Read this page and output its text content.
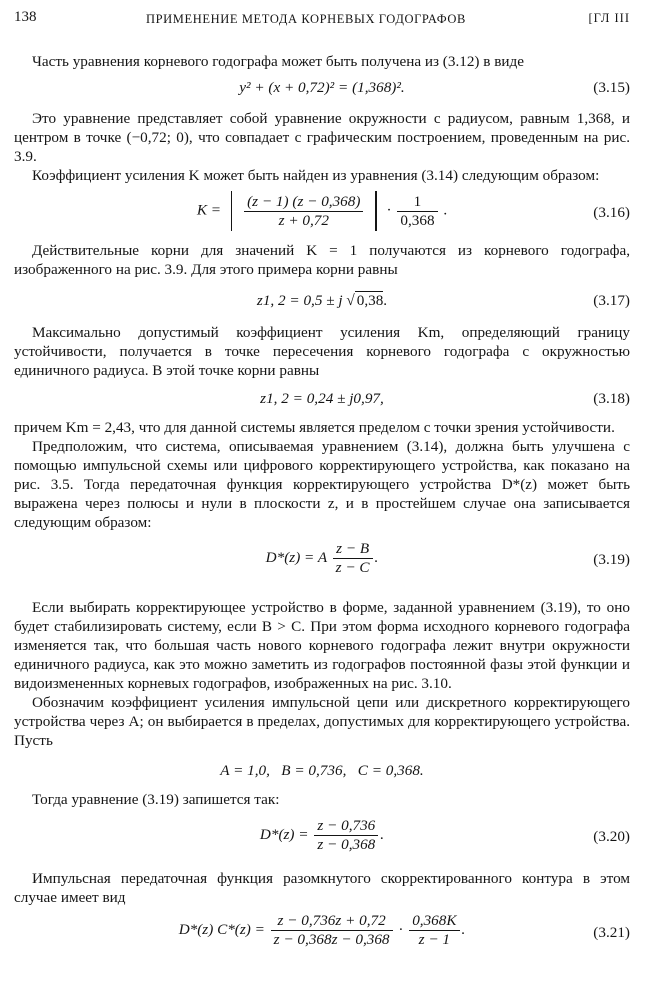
138	ПРИМЕНЕНИЕ МЕТОДА КОРНЕВЫХ ГОДОГРАФОВ	[ГЛ III

Часть уравнения корневого годографа может быть получена из (3.12) в виде

y² + (x + 0,72)² = (1,368)².	(3.15)

Это уравнение представляет собой уравнение окружности с радиусом, равным 1,368, и центром в точке (−0,72; 0), что совпадает с графическим построением, проведенным на рис. 3.9.

Коэффициент усиления K может быть найден из уравнения (3.14) следующим образом:

$K = \frac{(z - 1) (z - 0,368)}{z + 0,72} \cdot \frac{1}{0,368}$ .	(3.16)

Действительные корни для значений K = 1 получаются из корневого годографа, изображенного на рис. 3.9. Для этого примера корни равны

z1, 2 = 0,5 ± j √ 0,38.	(3.17)

Максимально допустимый коэффициент усиления Km, определяющий границу устойчивости, получается в точке пересечения корневого годографа с окружностью единичного радиуса. В этой точке корни равны

z1, 2 = 0,24 ± j0,97,	(3.18)

причем Km = 2,43, что для данной системы является пределом с точки зрения устойчивости.

Предположим, что система, описываемая уравнением (3.14), должна быть улучшена с помощью импульсной схемы или цифрового корректирующего устройства, как показано на рис. 3.5. Тогда передаточная функция корректирующего устройства D*(z) может быть выражена через полюсы и нули в плоскости z, и в простейшем случае она записывается следующим образом:

D*(z) = A $\frac{z - B}{z - C}$ .	(3.19)

Если выбирать корректирующее устройство в форме, заданной уравнением (3.19), то оно будет стабилизировать систему, если B > C. При этом форма исходного корневого годографа изменяется так, что большая часть нового корневого годографа лежит внутри окружности единичного радиуса, как это можно заметить из годографов постоянной фазы этой функции и видоизмененных корневых годографов, изображенных на рис. 3.10.

Обозначим коэффициент усиления импульсной цепи или дискретного корректирующего устройства через A; он выбирается в пределах, допустимых для корректирующего устройства. Пусть

A = 1,0,   B = 0,736,   C = 0,368.

Тогда уравнение (3.19) запишется так:

$D*(z) = \frac{z - 0,736}{z - 0,368}$ .	(3.20)

Импульсная передаточная функция разомкнутого скорректированного контура в этом случае имеет вид

D*(z) $C*(z) = \frac{z - 0,736z + 0,72}{z - 0,368z - 0,368} \cdot \frac{0,368K}{z - 1}$ .	(3.21)
